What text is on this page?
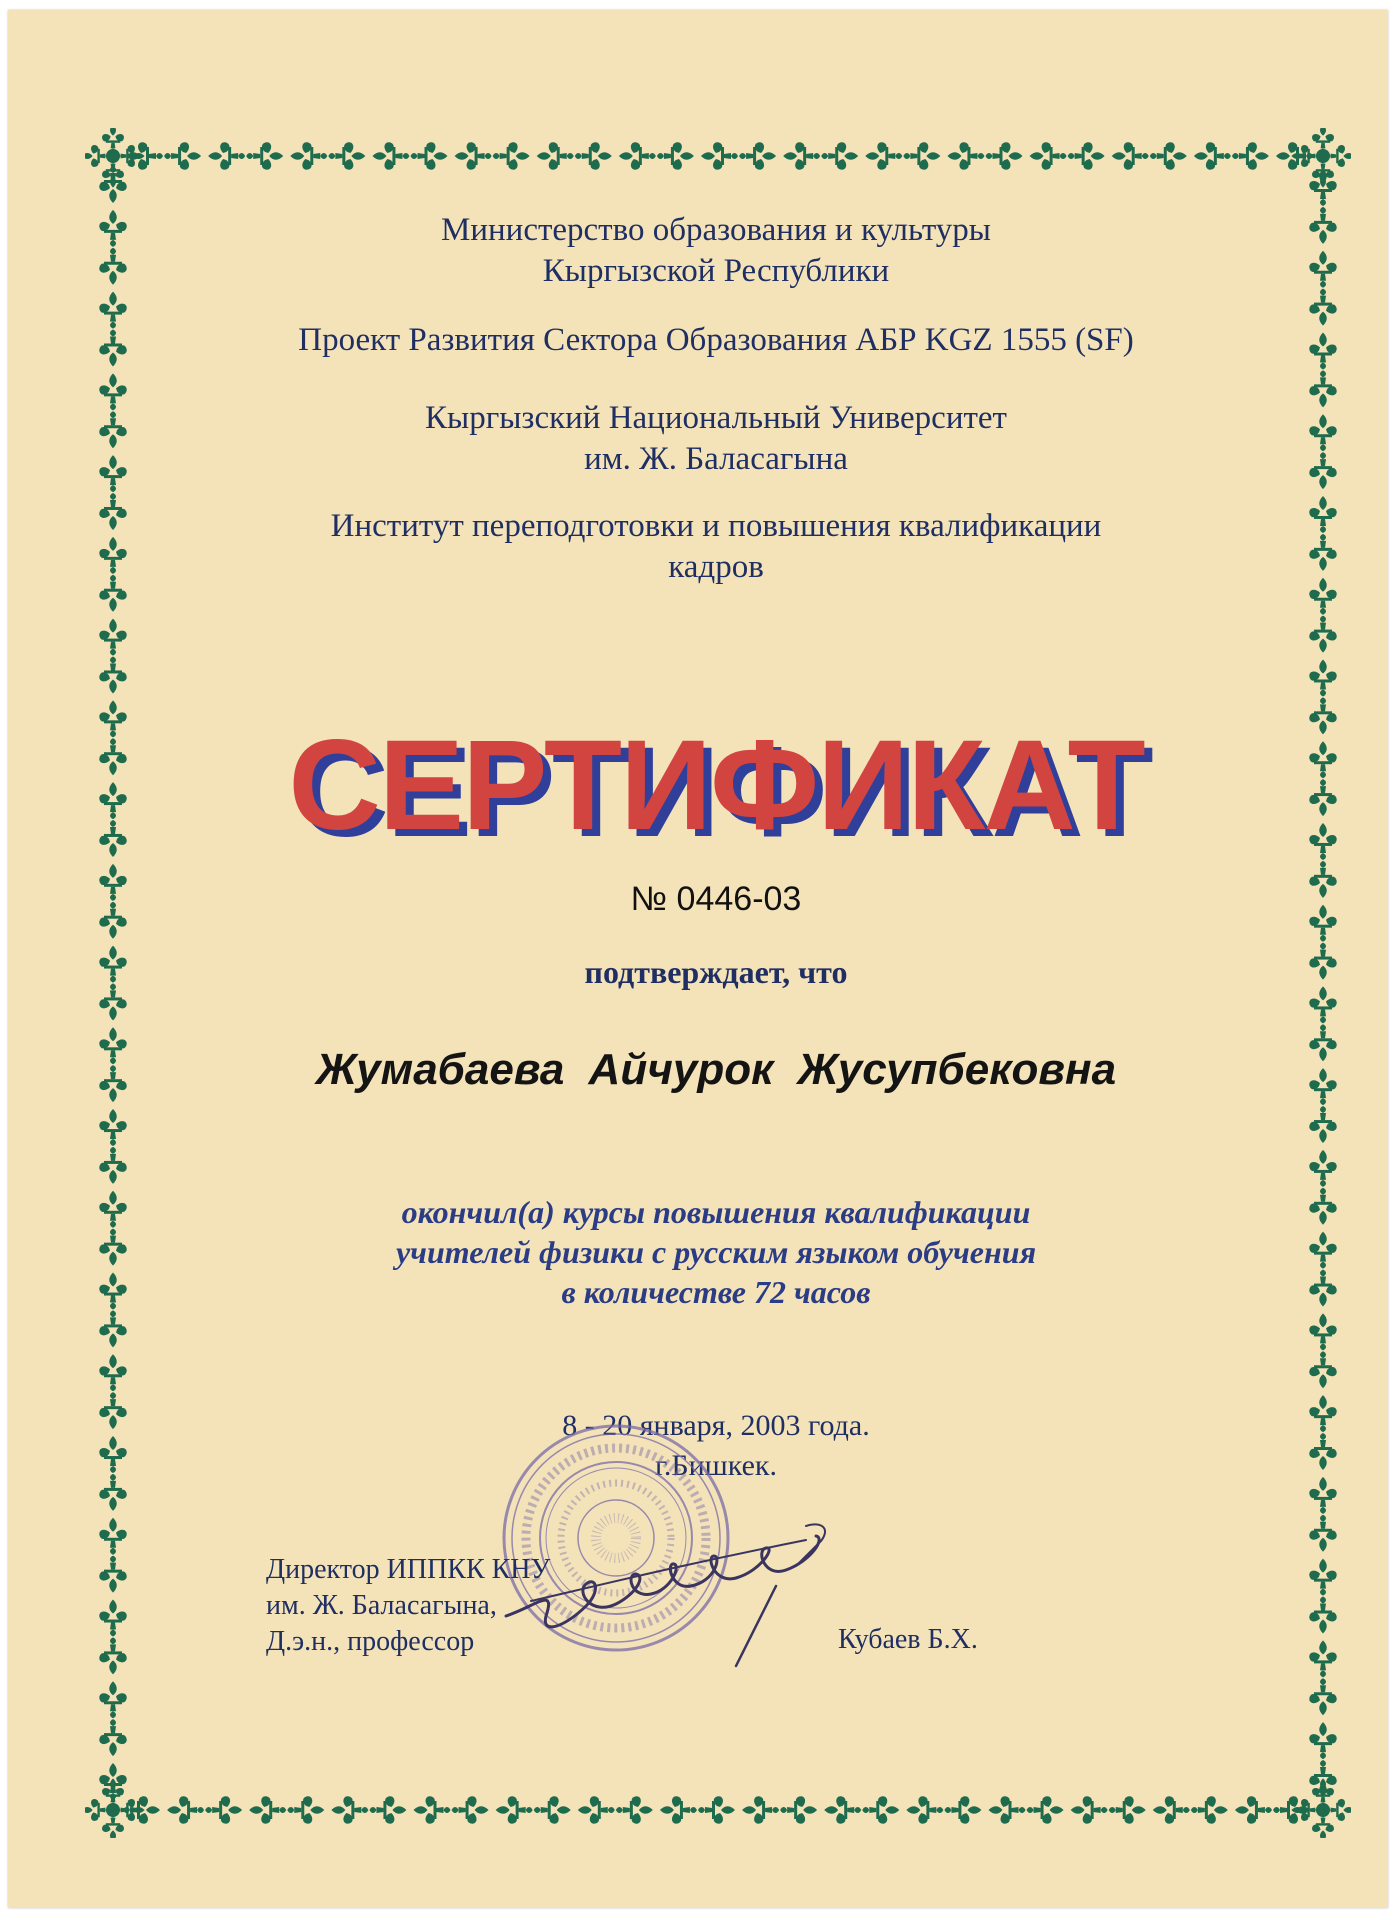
Министерство образования и культуры
Кыргызской Республики
Проект Развития Сектора Образования АБР KGZ 1555 (SF)
Кыргызский Национальный Университет
им. Ж. Баласагына
Институт переподготовки и повышения квалификации
кадров
СЕРТИФИКАТ
№ 0446-03
подтверждает, что
Жумабаева Айчурок Жусупбековна
окончил(а) курсы повышения квалификации
учителей физики с русским языком обучения
в количестве 72 часов
8 - 20 января, 2003 года.
г.Бишкек.
Директор ИППКК КНУ
им. Ж. Баласагына,
Д.э.н., профессор	Кубаев Б.Х.
